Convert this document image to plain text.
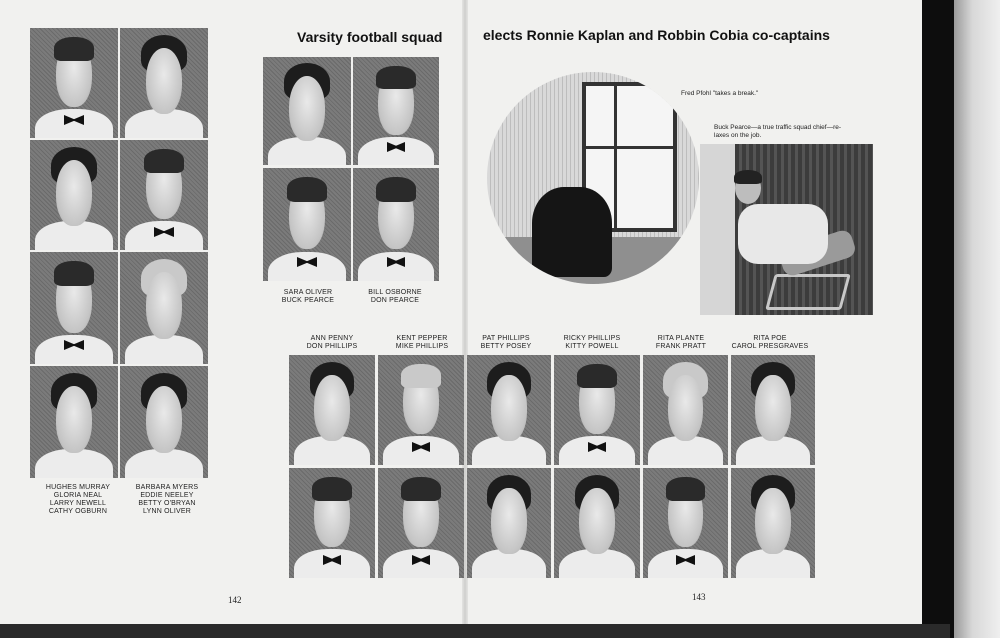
Varsity football squad	elects Ronnie Kaplan and Robbin Cobia co-captains
HUGHES MURRAY
GLORIA NEAL
LARRY NEWELL
CATHY OGBURN
BARBARA MYERS
EDDIE NEELEY
BETTY O'BRYAN
LYNN OLIVER
SARA OLIVER
BUCK PEARCE
BILL OSBORNE
DON PEARCE
Fred Pfohl "takes a break."
Buck Pearce—a true traffic squad chief—re-
laxes on the job.
ANN PENNY
DON PHILLIPS
KENT PEPPER
MIKE PHILLIPS
PAT PHILLIPS
BETTY POSEY
RICKY PHILLIPS
KITTY POWELL
RITA PLANTE
FRANK PRATT
RITA POE
CAROL PRESGRAVES
142	143
